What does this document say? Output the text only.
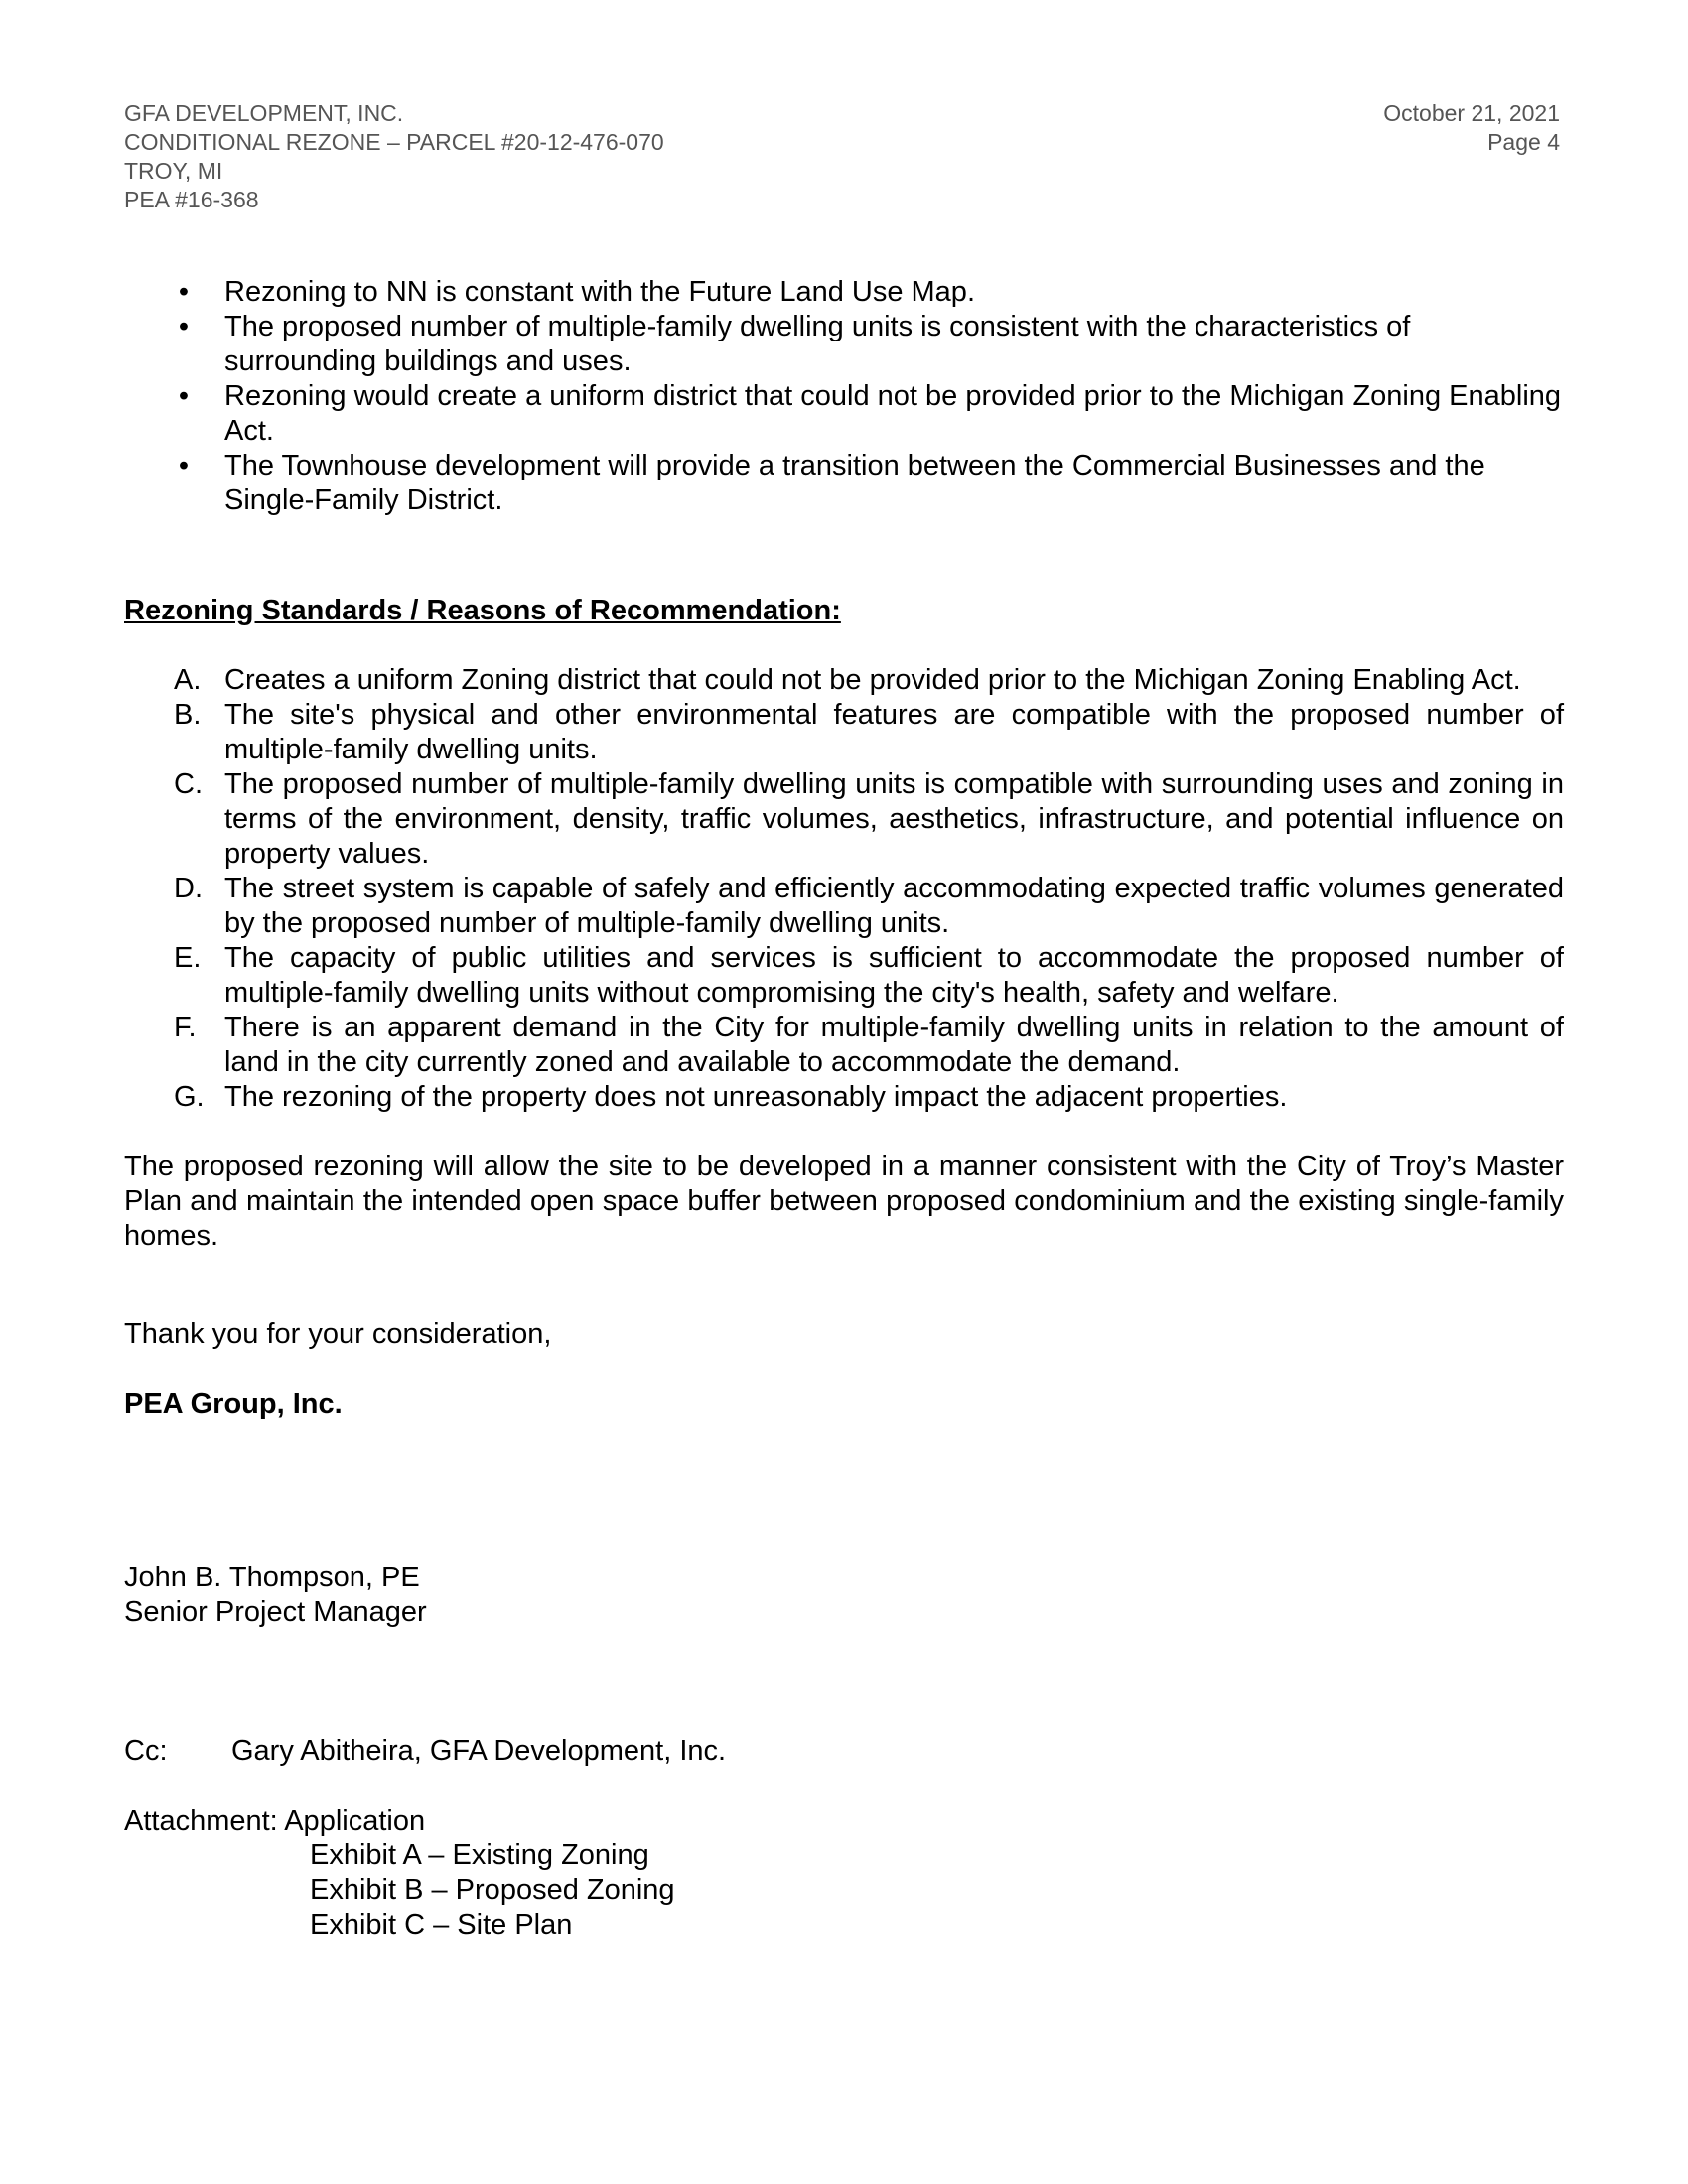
GFA DEVELOPMENT, INC.
CONDITIONAL REZONE – PARCEL #20-12-476-070
TROY, MI
PEA #16-368
October 21, 2021
Page 4
• Rezoning to NN is constant with the Future Land Use Map.
• The proposed number of multiple-family dwelling units is consistent with the characteristics of surrounding buildings and uses.
• Rezoning would create a uniform district that could not be provided prior to the Michigan Zoning Enabling Act.
• The Townhouse development will provide a transition between the Commercial Businesses and the Single-Family District.
Rezoning Standards / Reasons of Recommendation:
A. Creates a uniform Zoning district that could not be provided prior to the Michigan Zoning Enabling Act.
B. The site's physical and other environmental features are compatible with the proposed number of multiple-family dwelling units.
C. The proposed number of multiple-family dwelling units is compatible with surrounding uses and zoning in terms of the environment, density, traffic volumes, aesthetics, infrastructure, and potential influence on property values.
D. The street system is capable of safely and efficiently accommodating expected traffic volumes generated by the proposed number of multiple-family dwelling units.
E. The capacity of public utilities and services is sufficient to accommodate the proposed number of multiple-family dwelling units without compromising the city's health, safety and welfare.
F. There is an apparent demand in the City for multiple-family dwelling units in relation to the amount of land in the city currently zoned and available to accommodate the demand.
G. The rezoning of the property does not unreasonably impact the adjacent properties.
The proposed rezoning will allow the site to be developed in a manner consistent with the City of Troy’s Master Plan and maintain the intended open space buffer between proposed condominium and the existing single-family homes.
Thank you for your consideration,
PEA Group, Inc.
John B. Thompson, PE
Senior Project Manager
Cc: Gary Abitheira, GFA Development, Inc.
Attachment: Application
Exhibit A – Existing Zoning
Exhibit B – Proposed Zoning
Exhibit C – Site Plan
